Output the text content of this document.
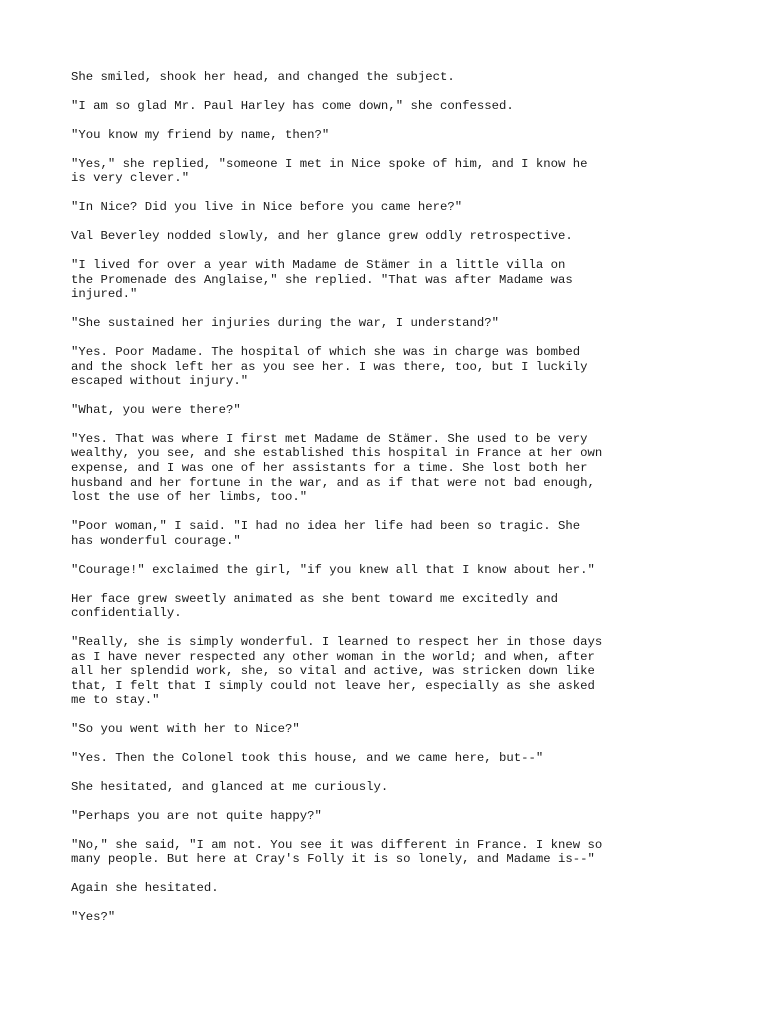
She smiled, shook her head, and changed the subject.

"I am so glad Mr. Paul Harley has come down," she confessed.

"You know my friend by name, then?"

"Yes," she replied, "someone I met in Nice spoke of him, and I know he
is very clever."

"In Nice? Did you live in Nice before you came here?"

Val Beverley nodded slowly, and her glance grew oddly retrospective.

"I lived for over a year with Madame de Stämer in a little villa on
the Promenade des Anglaise," she replied. "That was after Madame was
injured."

"She sustained her injuries during the war, I understand?"

"Yes. Poor Madame. The hospital of which she was in charge was bombed
and the shock left her as you see her. I was there, too, but I luckily
escaped without injury."

"What, you were there?"

"Yes. That was where I first met Madame de Stämer. She used to be very
wealthy, you see, and she established this hospital in France at her own
expense, and I was one of her assistants for a time. She lost both her
husband and her fortune in the war, and as if that were not bad enough,
lost the use of her limbs, too."

"Poor woman," I said. "I had no idea her life had been so tragic. She
has wonderful courage."

"Courage!" exclaimed the girl, "if you knew all that I know about her."

Her face grew sweetly animated as she bent toward me excitedly and
confidentially.

"Really, she is simply wonderful. I learned to respect her in those days
as I have never respected any other woman in the world; and when, after
all her splendid work, she, so vital and active, was stricken down like
that, I felt that I simply could not leave her, especially as she asked
me to stay."

"So you went with her to Nice?"

"Yes. Then the Colonel took this house, and we came here, but--"

She hesitated, and glanced at me curiously.

"Perhaps you are not quite happy?"

"No," she said, "I am not. You see it was different in France. I knew so
many people. But here at Cray's Folly it is so lonely, and Madame is--"

Again she hesitated.

"Yes?"
